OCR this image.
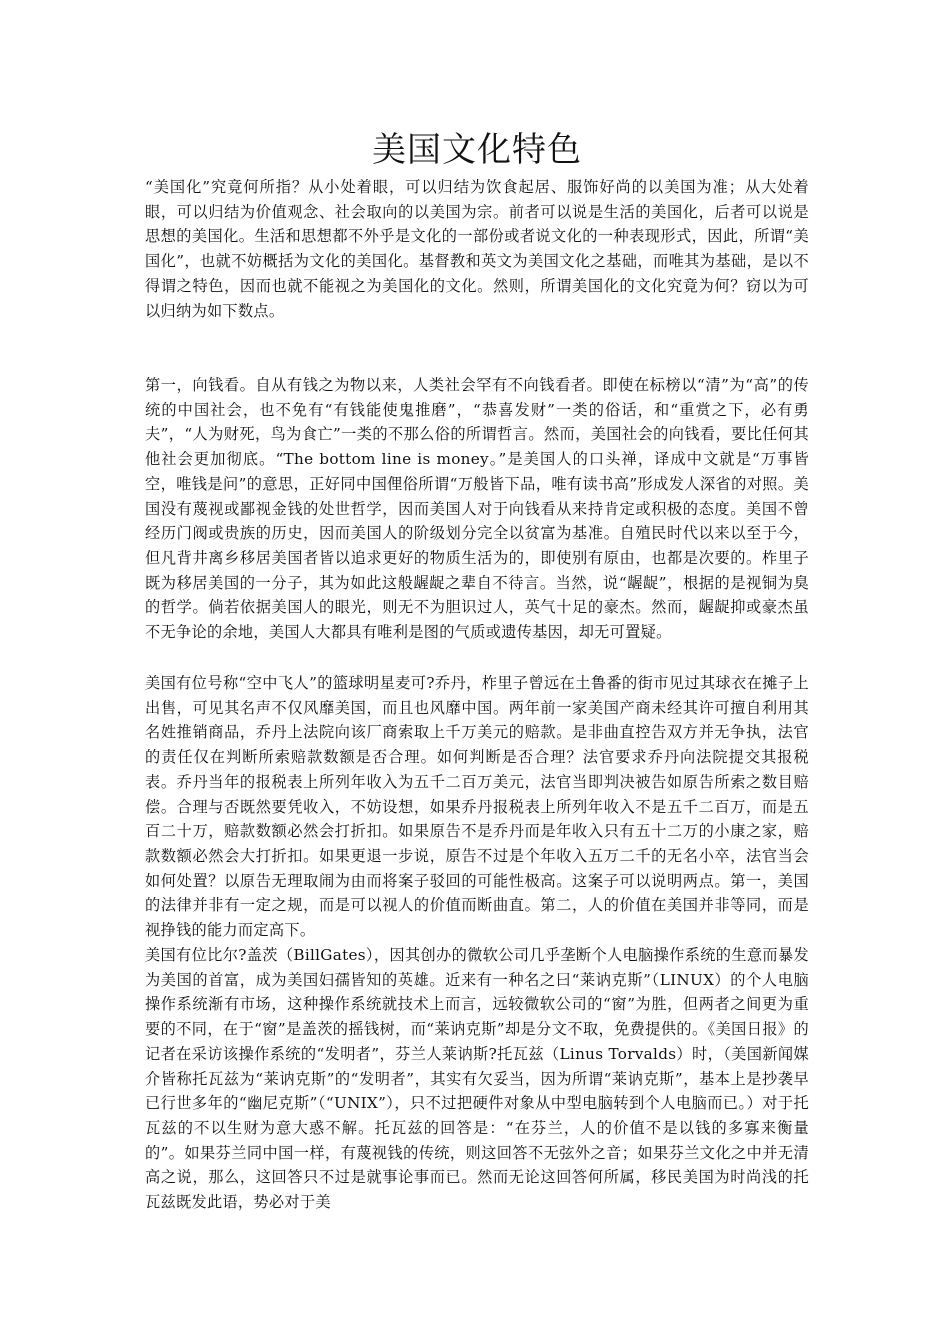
美国文化特色

“美国化”究竟何所指？从小处着眼，可以归结为饮食起居、服饰好尚的以美国为准；从大处着眼，可以归结为价值观念、社会取向的以美国为宗。前者可以说是生活的美国化，后者可以说是思想的美国化。生活和思想都不外乎是文化的一部份或者说文化的一种表现形式，因此，所谓“美国化”，也就不妨概括为文化的美国化。基督教和英文为美国文化之基础，而唯其为基础，是以不得谓之特色，因而也就不能视之为美国化的文化。然则，所谓美国化的文化究竟为何？窃以为可以归纳为如下数点。

第一，向钱看。自从有钱之为物以来，人类社会罕有不向钱看者。即使在标榜以“清”为“高”的传统的中国社会，也不免有“有钱能使鬼推磨”，“恭喜发财”一类的俗话，和“重赏之下，必有勇夫”，“人为财死，鸟为食亡”一类的不那么俗的所谓哲言。然而，美国社会的向钱看，要比任何其他社会更加彻底。“The bottom line is money。”是美国人的口头禅，译成中文就是“万事皆空，唯钱是问”的意思，正好同中国俚俗所谓“万般皆下品，唯有读书高”形成发人深省的对照。美国没有蔑视或鄙视金钱的处世哲学，因而美国人对于向钱看从来持肯定或积极的态度。美国不曾经历门阀或贵族的历史，因而美国人的阶级划分完全以贫富为基准。自殖民时代以来以至于今，但凡背井离乡移居美国者皆以追求更好的物质生活为的，即使别有原由，也都是次要的。柞里子既为移居美国的一分子，其为如此这般龌龊之辈自不待言。当然，说“龌龊”，根据的是视铜为臭的哲学。倘若依据美国人的眼光，则无不为胆识过人，英气十足的豪杰。然而，龌龊抑或豪杰虽不无争论的余地，美国人大都具有唯利是图的气质或遗传基因，却无可置疑。

美国有位号称“空中飞人”的篮球明星麦可?乔丹，柞里子曾远在土鲁番的街市见过其球衣在摊子上出售，可见其名声不仅风靡美国，而且也风靡中国。两年前一家美国产商未经其许可擅自利用其名姓推销商品，乔丹上法院向该厂商索取上千万美元的赔款。是非曲直控告双方并无争执，法官的责任仅在判断所索赔款数额是否合理。如何判断是否合理？法官要求乔丹向法院提交其报税表。乔丹当年的报税表上所列年收入为五千二百万美元，法官当即判决被告如原告所索之数目赔偿。合理与否既然要凭收入，不妨设想，如果乔丹报税表上所列年收入不是五千二百万，而是五百二十万，赔款数额必然会打折扣。如果原告不是乔丹而是年收入只有五十二万的小康之家，赔款数额必然会大打折扣。如果更退一步说，原告不过是个年收入五万二千的无名小卒，法官当会如何处置？以原告无理取闹为由而将案子驳回的可能性极高。这案子可以说明两点。第一，美国的法律并非有一定之规，而是可以视人的价值而断曲直。第二，人的价值在美国并非等同，而是视挣钱的能力而定高下。

美国有位比尔?盖茨（BillGates），因其创办的微软公司几乎垄断个人电脑操作系统的生意而暴发为美国的首富，成为美国妇孺皆知的英雄。近来有一种名之曰“莱讷克斯”（LINUX）的个人电脑操作系统渐有市场，这种操作系统就技术上而言，远较微软公司的“窗”为胜，但两者之间更为重要的不同，在于“窗”是盖茨的摇钱树，而“莱讷克斯”却是分文不取，免费提供的。《美国日报》的记者在采访该操作系统的“发明者”，芬兰人莱讷斯?托瓦兹（Linus Torvalds）时，（美国新闻媒介皆称托瓦兹为“莱讷克斯”的“发明者”，其实有欠妥当，因为所谓“莱讷克斯”，基本上是抄袭早已行世多年的“幽尼克斯”（“UNIX”），只不过把硬件对象从中型电脑转到个人电脑而已。）对于托瓦兹的不以生财为意大惑不解。托瓦兹的回答是：“在芬兰，人的价值不是以钱的多寡来衡量的”。如果芬兰同中国一样，有蔑视钱的传统，则这回答不无弦外之音；如果芬兰文化之中并无清高之说，那么，这回答只不过是就事论事而已。然而无论这回答何所属，移民美国为时尚浅的托瓦兹既发此语，势必对于美
